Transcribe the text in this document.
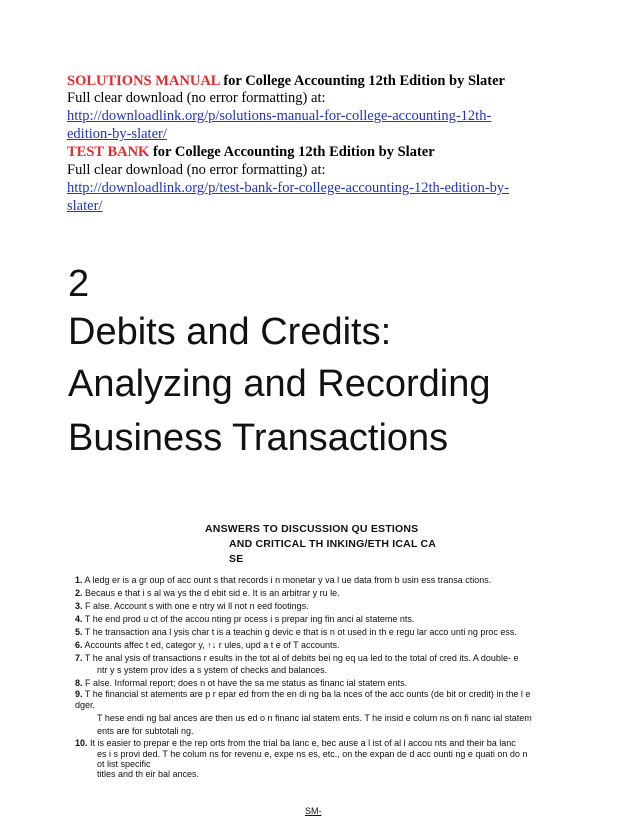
SOLUTIONS MANUAL for College Accounting 12th Edition by Slater
Full clear download (no error formatting) at:
http://downloadlink.org/p/solutions-manual-for-college-accounting-12th-
edition-by-slater/
TEST BANK for College Accounting 12th Edition by Slater
Full clear download (no error formatting) at:
http://downloadlink.org/p/test-bank-for-college-accounting-12th-edition-by-
slater/
2
Debits and Credits:
Analyzing and Recording
Business Transactions
ANSWERS TO DISCUSSION QU ESTIONS
AND CRITICAL TH INKING/ETH ICAL CA
SE
1. A ledg er is a gr oup of acc ount s that records i n monetar y va l ue data from b usin ess transa ctions.
2. Becaus e that i s al wa ys the d ebit sid e. It is an arbitrar y ru le.
3. F alse. Account s with one e ntry wi ll not n eed footings.
4. T he end prod u ct of the accou nting pr ocess i s prepar ing fin anci al stateme nts.
5. T he transaction ana l ysis char t is a teachin g devic e that is n ot used in th e regu lar acco unti ng proc ess.
6. Accounts affec t ed, categor y, ↑↓ r ules, upd a t e of T accounts.
7. T he anal ysis of transactions r esults in the tot al of debits bei ng eq ua led to the total of cred its. A double- e
ntr y s ystem prov ides a s ystem of checks and balances.
8. F alse. Informal report; does n ot have the sa me status as financ ial statem ents.
9. T he financial st atements are p r epar ed from the en di ng ba la nces of the acc ounts (de bit or credit) in the l e
dger.
T hese endi ng bal ances are then us ed o n financ ial statem ents. T he insid e colum ns on fi nanc ial statem
ents are for subtotali ng.
10. It is easier to prepar e the rep orts from the trial ba lanc e, bec ause a l ist of al l accou nts and their ba lanc
es i s provi ded. T he colum ns for revenu e, expe ns es, etc., on the expan de d acc ounti ng e quati on do n
ot list specific
titles and th eir bal ances.
SM-
